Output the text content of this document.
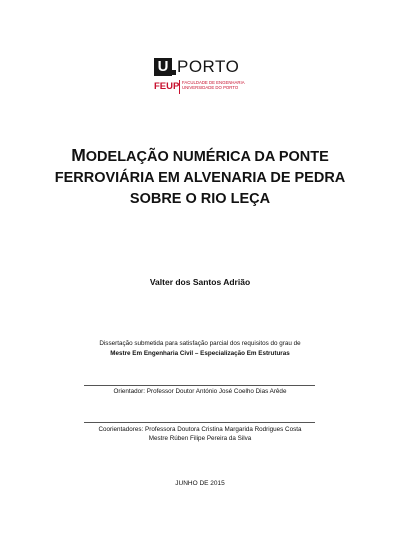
U PORTO
FEUP FACULDADE DE ENGENHARIA
UNIVERSIDADE DO PORTO
MODELAÇÃO NUMÉRICA DA PONTE
FERROVIÁRIA EM ALVENARIA DE PEDRA
SOBRE O RIO LEÇA
Valter dos Santos Adrião
Dissertação submetida para satisfação parcial dos requisitos do grau de
Mestre Em Engenharia Civil – Especialização Em Estruturas
Orientador: Professor Doutor António José Coelho Dias Arêde
Coorientadores: Professora Doutora Cristina Margarida Rodrigues Costa
Mestre Rúben Filipe Pereira da Silva
JUNHO DE 2015
